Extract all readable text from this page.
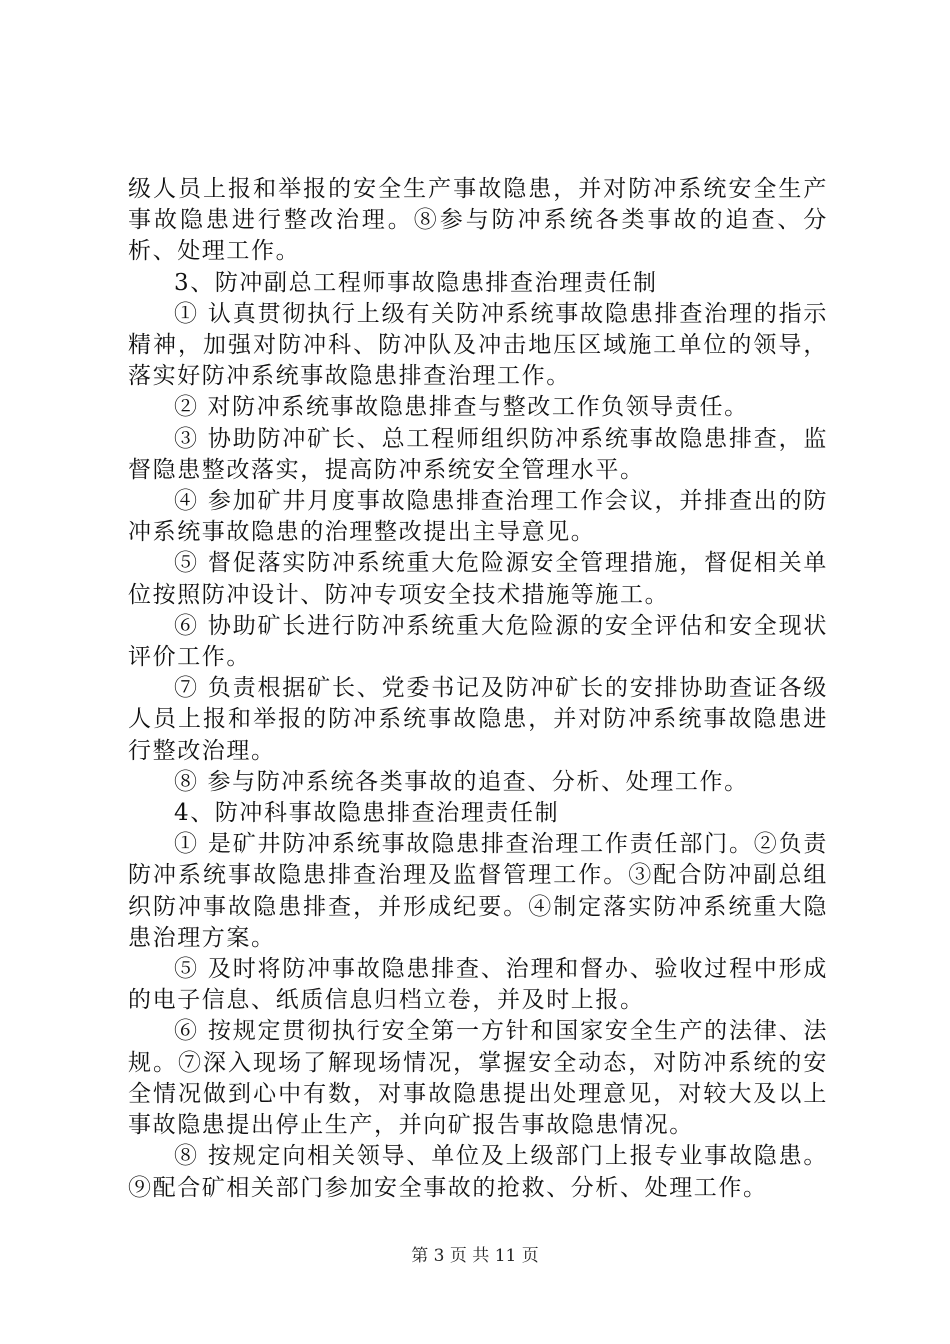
级人员上报和举报的安全生产事故隐患，并对防冲系统安全生产事故隐患进行整改治理。⑧参与防冲系统各类事故的追查、分析、处理工作。

3、防冲副总工程师事故隐患排查治理责任制

① 认真贯彻执行上级有关防冲系统事故隐患排查治理的指示精神，加强对防冲科、防冲队及冲击地压区域施工单位的领导，落实好防冲系统事故隐患排查治理工作。

② 对防冲系统事故隐患排查与整改工作负领导责任。

③ 协助防冲矿长、总工程师组织防冲系统事故隐患排查，监督隐患整改落实，提高防冲系统安全管理水平。

④ 参加矿井月度事故隐患排查治理工作会议，并排查出的防冲系统事故隐患的治理整改提出主导意见。

⑤ 督促落实防冲系统重大危险源安全管理措施，督促相关单位按照防冲设计、防冲专项安全技术措施等施工。

⑥ 协助矿长进行防冲系统重大危险源的安全评估和安全现状评价工作。

⑦ 负责根据矿长、党委书记及防冲矿长的安排协助查证各级人员上报和举报的防冲系统事故隐患，并对防冲系统事故隐患进行整改治理。

⑧ 参与防冲系统各类事故的追查、分析、处理工作。

4、防冲科事故隐患排查治理责任制

① 是矿井防冲系统事故隐患排查治理工作责任部门。②负责防冲系统事故隐患排查治理及监督管理工作。③配合防冲副总组织防冲事故隐患排查，并形成纪要。④制定落实防冲系统重大隐患治理方案。

⑤ 及时将防冲事故隐患排查、治理和督办、验收过程中形成的电子信息、纸质信息归档立卷，并及时上报。

⑥ 按规定贯彻执行安全第一方针和国家安全生产的法律、法规。⑦深入现场了解现场情况，掌握安全动态，对防冲系统的安全情况做到心中有数，对事故隐患提出处理意见，对较大及以上事故隐患提出停止生产，并向矿报告事故隐患情况。

⑧ 按规定向相关领导、单位及上级部门上报专业事故隐患。⑨配合矿相关部门参加安全事故的抢救、分析、处理工作。

第 3 页 共 11 页
